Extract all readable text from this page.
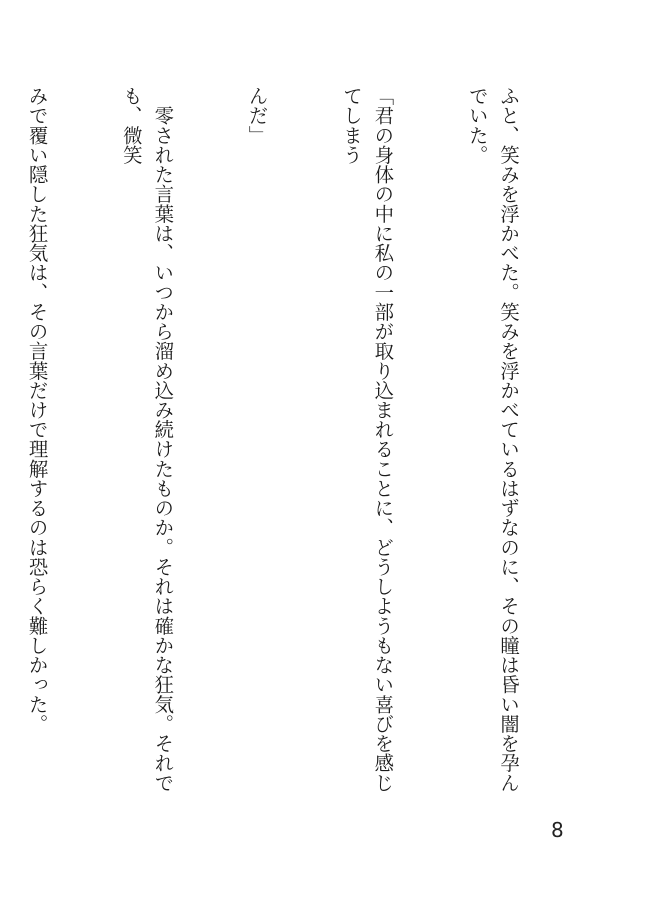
ふと、笑みを浮かべた。笑みを浮かべているはずなのに、その瞳は昏い闇を孕んでいた。

「君の身体の中に私の一部が取り込まれることに、どうしようもない喜びを感じてしまう

んだ」

　零された言葉は、いつから溜め込み続けたものか。それは確かな狂気。それでも、微笑

みで覆い隠した狂気は、その言葉だけで理解するのは恐らく難しかった。

8
